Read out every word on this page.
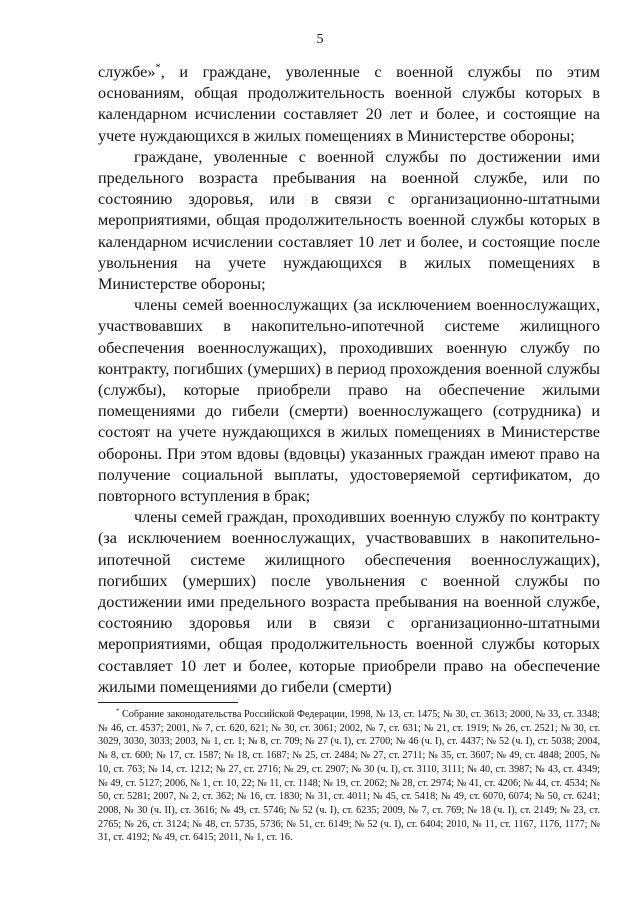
5

службе»*, и граждане, уволенные с военной службы по этим основаниям, общая продолжительность военной службы которых в календарном исчислении составляет 20 лет и более, и состоящие на учете нуждающихся в жилых помещениях в Министерстве обороны;

граждане, уволенные с военной службы по достижении ими предельного возраста пребывания на военной службе, или по состоянию здоровья, или в связи с организационно-штатными мероприятиями, общая продолжительность военной службы которых в календарном исчислении составляет 10 лет и более, и состоящие после увольнения на учете нуждающихся в жилых помещениях в Министерстве обороны;

члены семей военнослужащих (за исключением военнослужащих, участвовавших в накопительно-ипотечной системе жилищного обеспечения военнослужащих), проходивших военную службу по контракту, погибших (умерших) в период прохождения военной службы (службы), которые приобрели право на обеспечение жилыми помещениями до гибели (смерти) военнослужащего (сотрудника) и состоят на учете нуждающихся в жилых помещениях в Министерстве обороны. При этом вдовы (вдовцы) указанных граждан имеют право на получение социальной выплаты, удостоверяемой сертификатом, до повторного вступления в брак;

члены семей граждан, проходивших военную службу по контракту (за исключением военнослужащих, участвовавших в накопительно-ипотечной системе жилищного обеспечения военнослужащих), погибших (умерших) после увольнения с военной службы по достижении ими предельного возраста пребывания на военной службе, состоянию здоровья или в связи с организационно-штатными мероприятиями, общая продолжительность военной службы которых составляет 10 лет и более, которые приобрели право на обеспечение жилыми помещениями до гибели (смерти)

* Собрание законодательства Российской Федерации, 1998, № 13, ст. 1475; № 30, ст. 3613; 2000, № 33, ст. 3348; № 46, ст. 4537; 2001, № 7, ст. 620, 621; № 30, ст. 3061; 2002, № 7, ст. 631; № 21, ст. 1919; № 26, ст. 2521; № 30, ст. 3029, 3030, 3033; 2003, № 1, ст. 1; № 8, ст. 709; № 27 (ч. I), ст. 2700; № 46 (ч. I), ст. 4437; № 52 (ч. I), ст. 5038; 2004, № 8, ст. 600; № 17, ст. 1587; № 18, ст. 1687; № 25, ст. 2484; № 27, ст. 2711; № 35, ст. 3607; № 49, ст. 4848; 2005, № 10, ст. 763; № 14, ст. 1212; № 27, ст. 2716; № 29, ст. 2907; № 30 (ч. I), ст. 3110, 3111; № 40, ст. 3987; № 43, ст. 4349; № 49, ст. 5127; 2006, № 1, ст. 10, 22; № 11, ст. 1148; № 19, ст. 2062; № 28, ст. 2974; № 41, ст. 4206; № 44, ст. 4534; № 50, ст. 5281; 2007, № 2, ст. 362; № 16, ст. 1830; № 31, ст. 4011; № 45, ст. 5418; № 49, ст. 6070, 6074; № 50, ст. 6241; 2008, № 30 (ч. II), ст. 3616; № 49, ст. 5746; № 52 (ч. I), ст. 6235; 2009, № 7, ст. 769; № 18 (ч. I), ст. 2149; № 23, ст. 2765; № 26, ст. 3124; № 48, ст. 5735, 5736; № 51, ст. 6149; № 52 (ч. I), ст. 6404; 2010, № 11, ст. 1167, 1176, 1177; № 31, ст. 4192; № 49, ст. 6415; 2011, № 1, ст. 16.
